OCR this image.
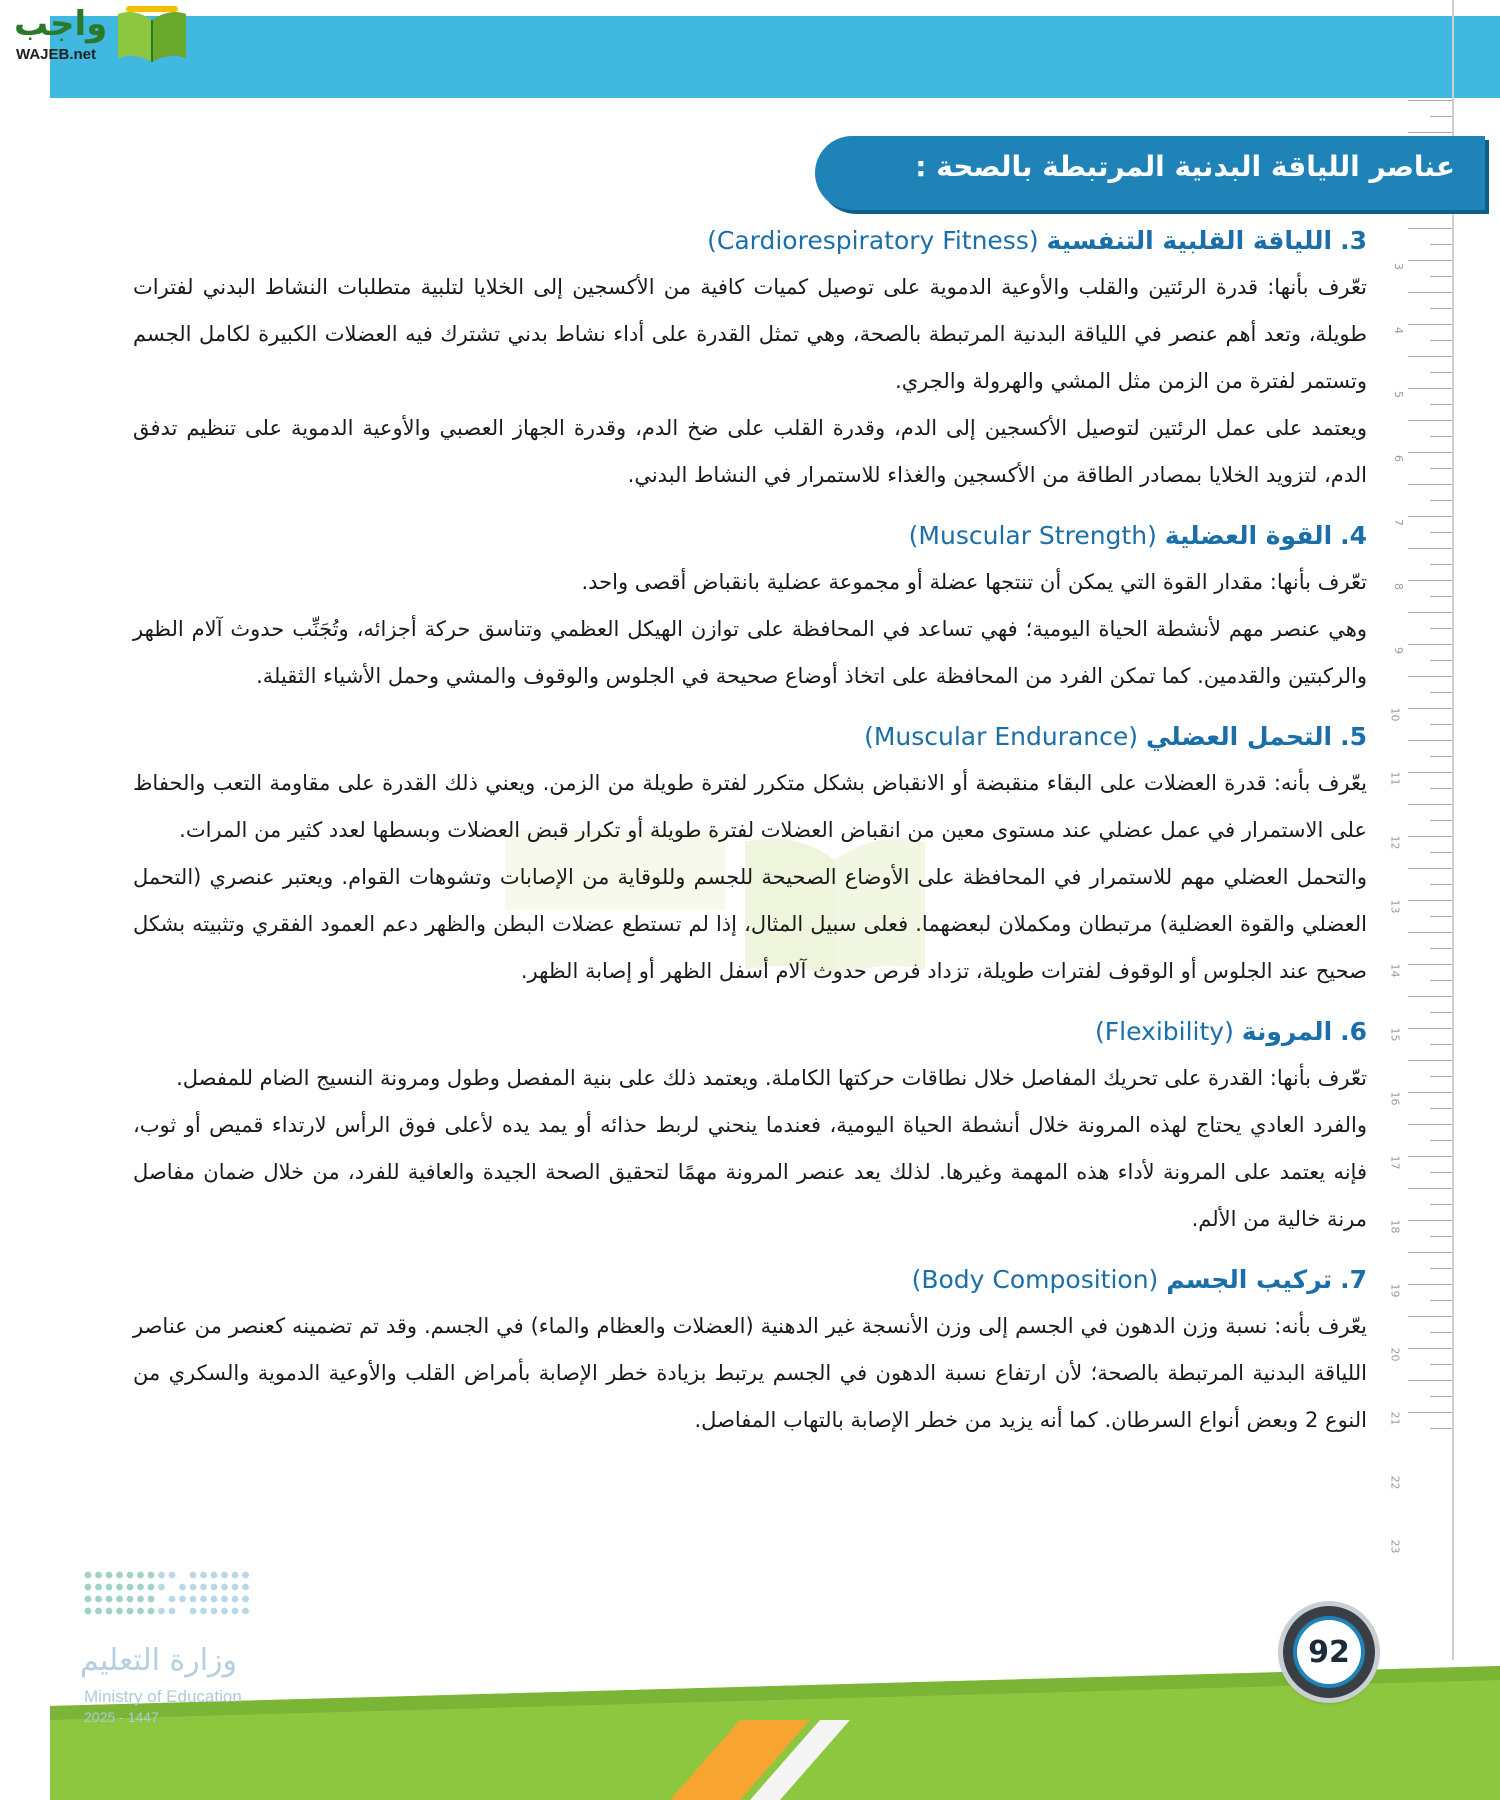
واجب
WAJEB.net
3
4
5
6
7
8
9
10
11
12
13
14
15
16
17
18
19
20
21
22
23
عناصر اللياقة البدنية المرتبطة بالصحة :
3. اللياقة القلبية التنفسية (Cardiorespiratory Fitness)

تعّرف بأنها: قدرة الرئتين والقلب والأوعية الدموية على توصيل كميات كافية من الأكسجين إلى الخلايا لتلبية متطلبات النشاط البدني لفترات طويلة، وتعد أهم عنصر في اللياقة البدنية المرتبطة بالصحة، وهي تمثل القدرة على أداء نشاط بدني تشترك فيه العضلات الكبيرة لكامل الجسم وتستمر لفترة من الزمن مثل المشي والهرولة والجري.

ويعتمد على عمل الرئتين لتوصيل الأكسجين إلى الدم، وقدرة القلب على ضخ الدم، وقدرة الجهاز العصبي والأوعية الدموية على تنظيم تدفق الدم، لتزويد الخلايا بمصادر الطاقة من الأكسجين والغذاء للاستمرار في النشاط البدني.

4. القوة العضلية (Muscular Strength)

تعّرف بأنها: مقدار القوة التي يمكن أن تنتجها عضلة أو مجموعة عضلية بانقباض أقصى واحد.

وهي عنصر مهم لأنشطة الحياة اليومية؛ فهي تساعد في المحافظة على توازن الهيكل العظمي وتناسق حركة أجزائه، وتُجَنِّب حدوث آلام الظهر والركبتين والقدمين. كما تمكن الفرد من المحافظة على اتخاذ أوضاع صحيحة في الجلوس والوقوف والمشي وحمل الأشياء الثقيلة.

5. التحمل العضلي (Muscular Endurance)

يعّرف بأنه: قدرة العضلات على البقاء منقبضة أو الانقباض بشكل متكرر لفترة طويلة من الزمن. ويعني ذلك القدرة على مقاومة التعب والحفاظ على الاستمرار في عمل عضلي عند مستوى معين من انقباض العضلات لفترة طويلة أو تكرار قبض العضلات وبسطها لعدد كثير من المرات.

والتحمل العضلي مهم للاستمرار في المحافظة على الأوضاع الصحيحة للجسم وللوقاية من الإصابات وتشوهات القوام. ويعتبر عنصري (التحمل العضلي والقوة العضلية) مرتبطان ومكملان لبعضهما. فعلى سبيل المثال، إذا لم تستطع عضلات البطن والظهر دعم العمود الفقري وتثبيته بشكل صحيح عند الجلوس أو الوقوف لفترات طويلة، تزداد فرص حدوث آلام أسفل الظهر أو إصابة الظهر.

6. المرونة (Flexibility)

تعّرف بأنها: القدرة على تحريك المفاصل خلال نطاقات حركتها الكاملة. ويعتمد ذلك على بنية المفصل وطول ومرونة النسيج الضام للمفصل.

والفرد العادي يحتاج لهذه المرونة خلال أنشطة الحياة اليومية، فعندما ينحني لربط حذائه أو يمد يده لأعلى فوق الرأس لارتداء قميص أو ثوب، فإنه يعتمد على المرونة لأداء هذه المهمة وغيرها. لذلك يعد عنصر المرونة مهمًا لتحقيق الصحة الجيدة والعافية للفرد، من خلال ضمان مفاصل مرنة خالية من الألم.

7. تركيب الجسم (Body Composition)

يعّرف بأنه: نسبة وزن الدهون في الجسم إلى وزن الأنسجة غير الدهنية (العضلات والعظام والماء) في الجسم. وقد تم تضمينه كعنصر من عناصر اللياقة البدنية المرتبطة بالصحة؛ لأن ارتفاع نسبة الدهون في الجسم يرتبط بزيادة خطر الإصابة بأمراض القلب والأوعية الدموية والسكري من النوع 2 وبعض أنواع السرطان. كما أنه يزيد من خطر الإصابة بالتهاب المفاصل.

وزارة التعليم
Ministry of Education
2025 - 1447
92
